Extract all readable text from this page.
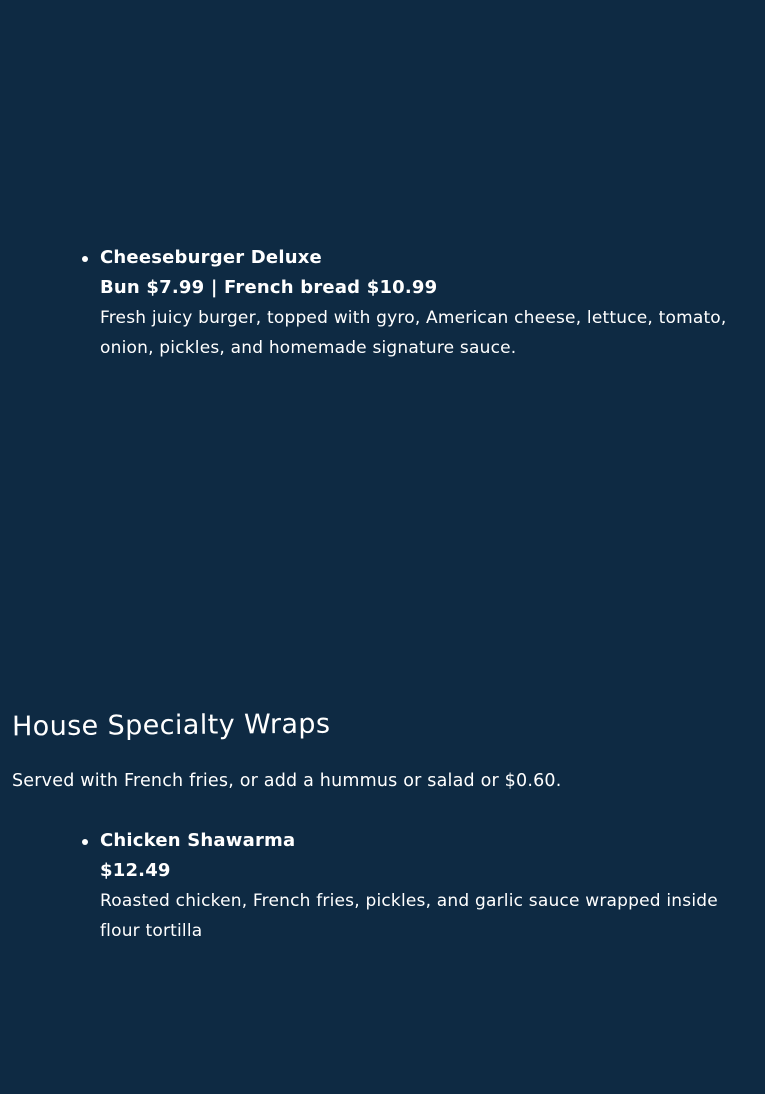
Cheeseburger Deluxe
Bun $7.99 | French bread $10.99
Fresh juicy burger, topped with gyro, American cheese, lettuce, tomato, onion, pickles, and homemade signature sauce.
House Specialty Wraps

Served with French fries, or add a hummus or salad or $0.60.

Chicken Shawarma
$12.49
Roasted chicken, French fries, pickles, and garlic sauce wrapped inside flour tortilla
